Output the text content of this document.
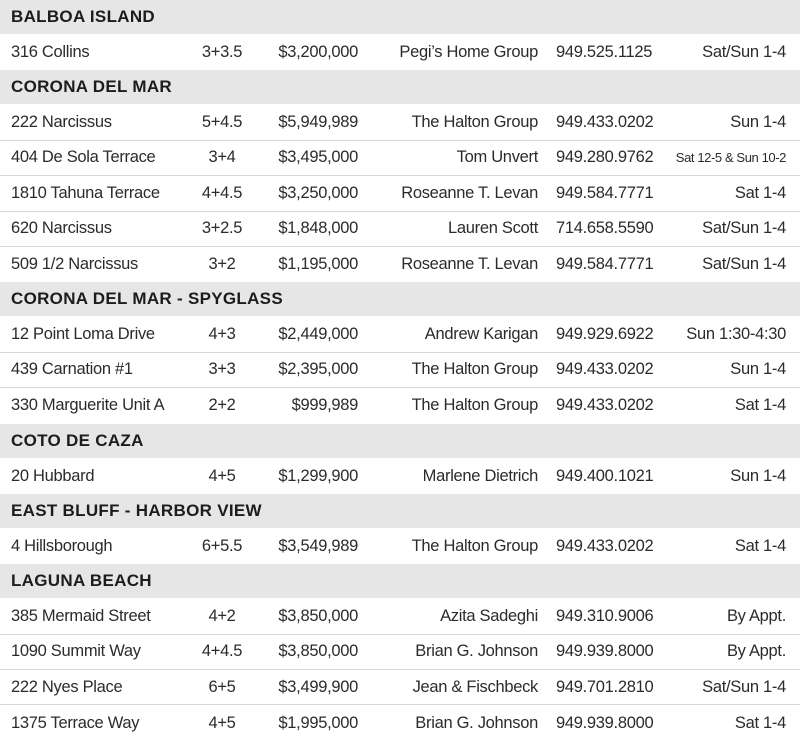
BALBOA ISLAND
316 Collins	3+3.5	$3,200,000	Pegi’s Home Group 949.525.1125	Sat/Sun 1-4
CORONA DEL MAR
222 Narcissus	5+4.5	$5,949,989	The Halton Group 949.433.0202	Sun 1-4
404 De Sola Terrace	3+4	$3,495,000	Tom Unvert 949.280.9762 Sat 12-5 & Sun 10-2
1810 Tahuna Terrace	4+4.5	$3,250,000	Roseanne T. Levan 949.584.7771	Sat 1-4
620 Narcissus	3+2.5	$1,848,000	Lauren Scott 714.658.5590	Sat/Sun 1-4
509 1/2 Narcissus	3+2	$1,195,000	Roseanne T. Levan 949.584.7771	Sat/Sun 1-4
CORONA DEL MAR - SPYGLASS
12 Point Loma Drive	4+3	$2,449,000	Andrew Karigan 949.929.6922 Sun 1:30-4:30
439 Carnation #1	3+3	$2,395,000	The Halton Group 949.433.0202	Sun 1-4
330 Marguerite Unit A	2+2	$999,989	The Halton Group 949.433.0202	Sat 1-4
COTO DE CAZA
20 Hubbard	4+5	$1,299,900	Marlene Dietrich 949.400.1021	Sun 1-4
EAST BLUFF - HARBOR VIEW
4 Hillsborough	6+5.5	$3,549,989	The Halton Group 949.433.0202	Sat 1-4
LAGUNA BEACH
385 Mermaid Street	4+2	$3,850,000	Azita Sadeghi 949.310.9006	By Appt.
1090 Summit Way	4+4.5	$3,850,000	Brian G. Johnson 949.939.8000	By Appt.
222 Nyes Place	6+5	$3,499,900	Jean & Fischbeck 949.701.2810	Sat/Sun 1-4
1375 Terrace Way	4+5	$1,995,000	Brian G. Johnson 949.939.8000	Sat 1-4
